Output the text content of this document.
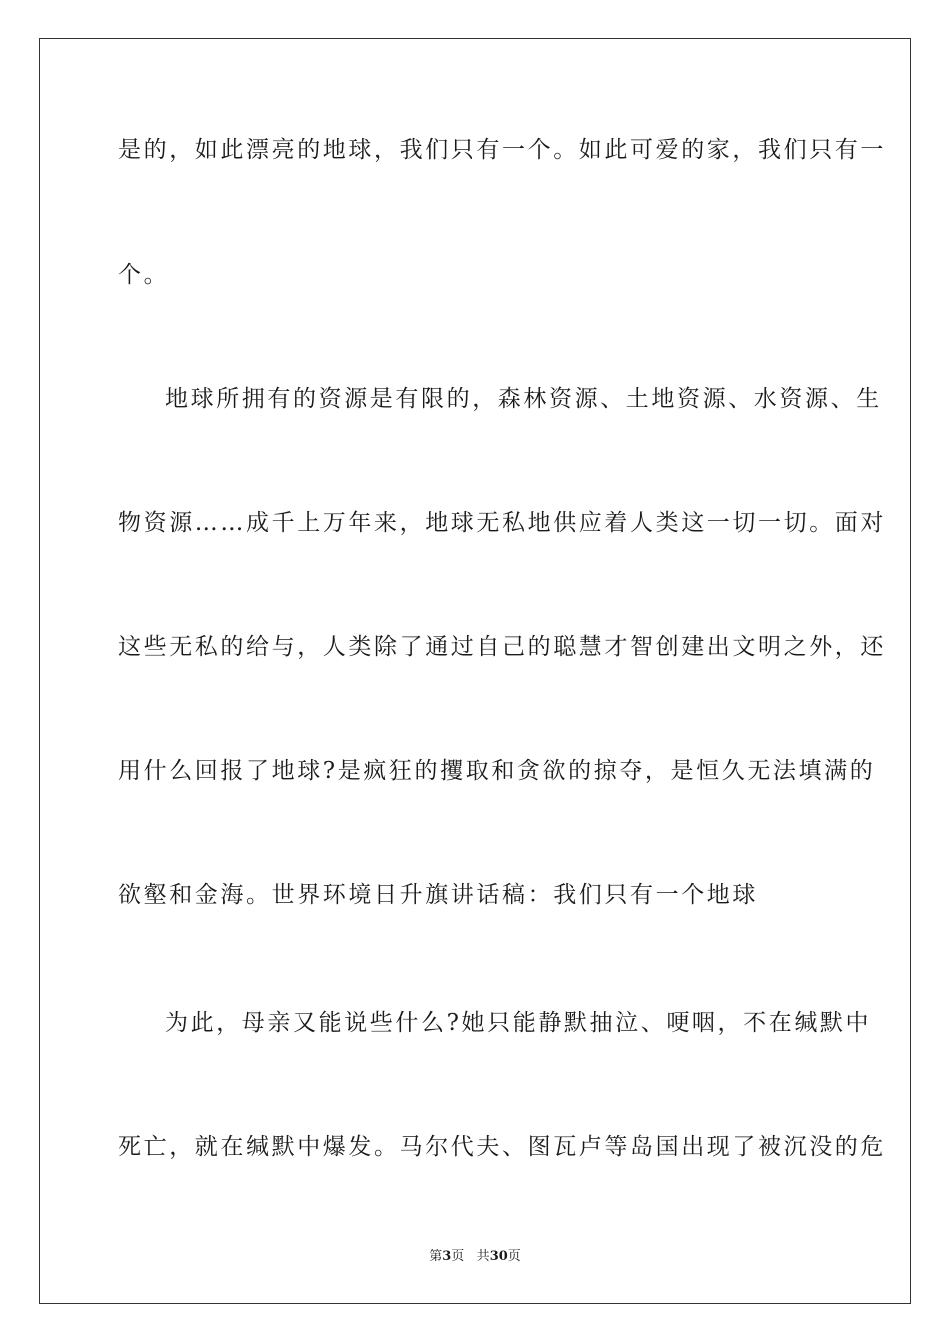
是的，如此漂亮的地球，我们只有一个。如此可爱的家，我们只有一
个。
地球所拥有的资源是有限的，森林资源、土地资源、水资源、生
物资源……成千上万年来，地球无私地供应着人类这一切一切。面对
这些无私的给与，人类除了通过自己的聪慧才智创建出文明之外，还
用什么回报了地球?是疯狂的攫取和贪欲的掠夺，是恒久无法填满的
欲壑和金海。世界环境日升旗讲话稿：我们只有一个地球
为此，母亲又能说些什么?她只能静默抽泣、哽咽，不在缄默中
死亡，就在缄默中爆发。马尔代夫、图瓦卢等岛国出现了被沉没的危
第3页 共30页
